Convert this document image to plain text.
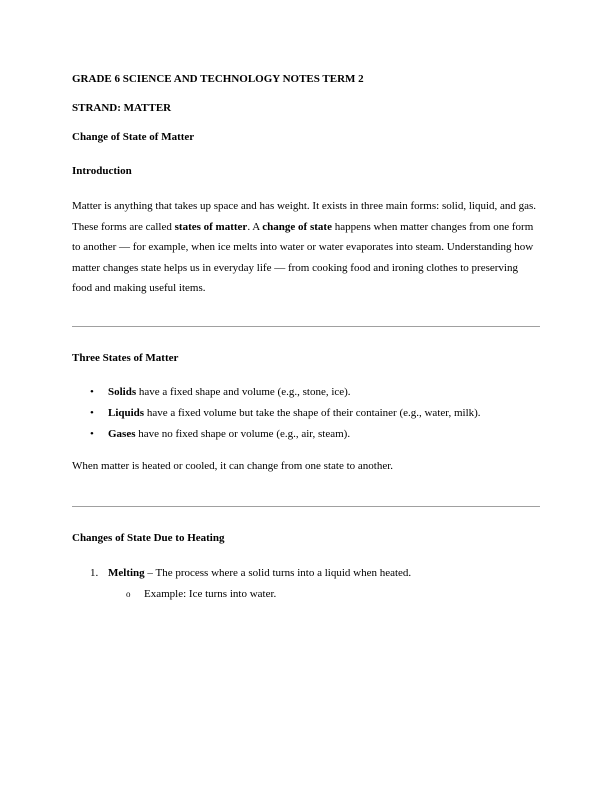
GRADE 6 SCIENCE AND TECHNOLOGY NOTES TERM 2
STRAND: MATTER
Change of State of Matter
Introduction
Matter is anything that takes up space and has weight. It exists in three main forms: solid, liquid, and gas. These forms are called states of matter. A change of state happens when matter changes from one form to another — for example, when ice melts into water or water evaporates into steam. Understanding how matter changes state helps us in everyday life — from cooking food and ironing clothes to preserving food and making useful items.
Three States of Matter
• Solids have a fixed shape and volume (e.g., stone, ice).
• Liquids have a fixed volume but take the shape of their container (e.g., water, milk).
• Gases have no fixed shape or volume (e.g., air, steam).
When matter is heated or cooled, it can change from one state to another.
Changes of State Due to Heating
1. Melting – The process where a solid turns into a liquid when heated.
o Example: Ice turns into water.
